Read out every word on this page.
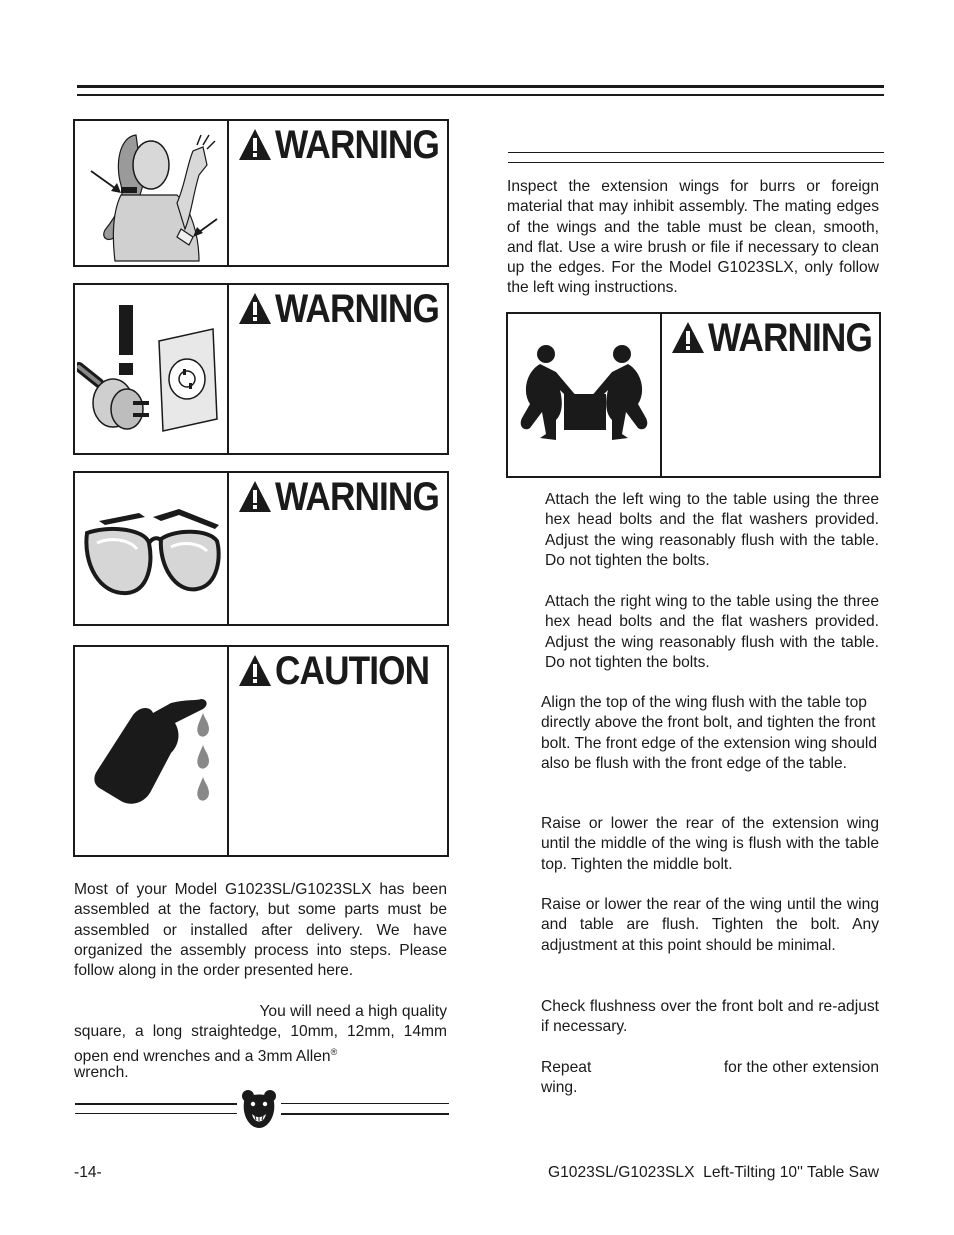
WARNING
WARNING
WARNING
CAUTION
Most of your Model G1023SL/G1023SLX has been assembled at the factory, but some parts must be assembled or installed after delivery. We have organized the assembly process into steps. Please follow along in the order presented here.
You will need a high quality
square, a long straightedge, 10mm, 12mm, 14mm open end wrenches and a 3mm Allen®
wrench.
Inspect the extension wings for burrs or foreign material that may inhibit assembly. The mating edges of the wings and the table must be clean, smooth, and flat. Use a wire brush or file if necessary to clean up the edges. For the Model G1023SLX, only follow the left wing instructions.
WARNING
Attach the left wing to the table using the three hex head bolts and the flat washers provided. Adjust the wing reasonably flush with the table. Do not tighten the bolts.
Attach the right wing to the table using the three hex head bolts and the flat washers provided. Adjust the wing reasonably flush with the table. Do not tighten the bolts.
Align the top of the wing flush with the table top directly above the front bolt, and tighten the front bolt. The front edge of the extension wing should also be flush with the front edge of the table.
Raise or lower the rear of the extension wing until the middle of the wing is flush with the table top. Tighten the middle bolt.
Raise or lower the rear of the wing until the wing and table are flush. Tighten the bolt. Any adjustment at this point should be minimal.
Check flushness over the front bolt and re-adjust if necessary.
Repeat	for the other extension
wing.
-14-	G1023SL/G1023SLX  Left-Tilting 10'' Table Saw
